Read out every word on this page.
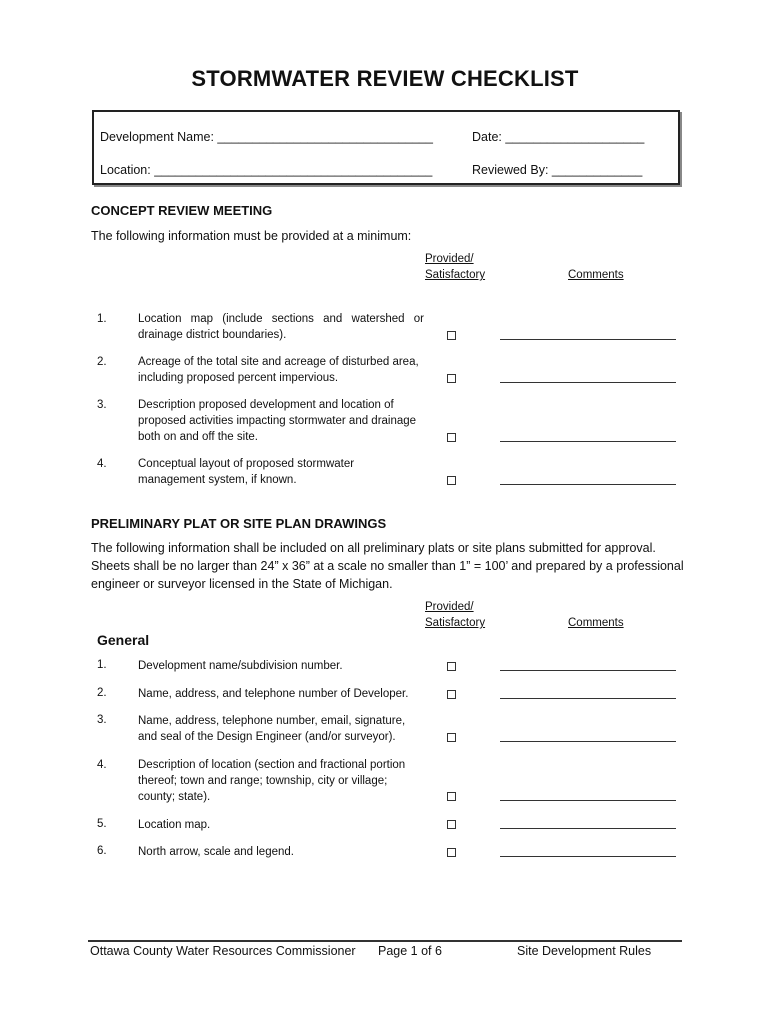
STORMWATER REVIEW CHECKLIST
Development Name: _______________________________	Date: ____________________
Location: ________________________________________	Reviewed By: _____________
CONCEPT REVIEW MEETING
The following information must be provided at a minimum:
Provided/
Satisfactory	Comments
1.	Location map (include sections and watershed or drainage district boundaries).
2.	Acreage of the total site and acreage of disturbed area, including proposed percent impervious.
3.	Description proposed development and location of proposed activities impacting stormwater and drainage both on and off the site.
4.	Conceptual layout of proposed stormwater management system, if known.
PRELIMINARY PLAT OR SITE PLAN DRAWINGS
The following information shall be included on all preliminary plats or site plans submitted for approval.
Sheets shall be no larger than 24” x 36” at a scale no smaller than 1” = 100’ and prepared by a professional
engineer or surveyor licensed in the State of Michigan.
Provided/
Satisfactory	Comments
General
1.	Development name/subdivision number.
2.	Name, address, and telephone number of Developer.
3.	Name, address, telephone number, email, signature, and seal of the Design Engineer (and/or surveyor).
4.	Description of location (section and fractional portion thereof; town and range; township, city or village; county; state).
5.	Location map.
6.	North arrow, scale and legend.
Ottawa County Water Resources Commissioner Page 1 of 6	Site Development Rules
